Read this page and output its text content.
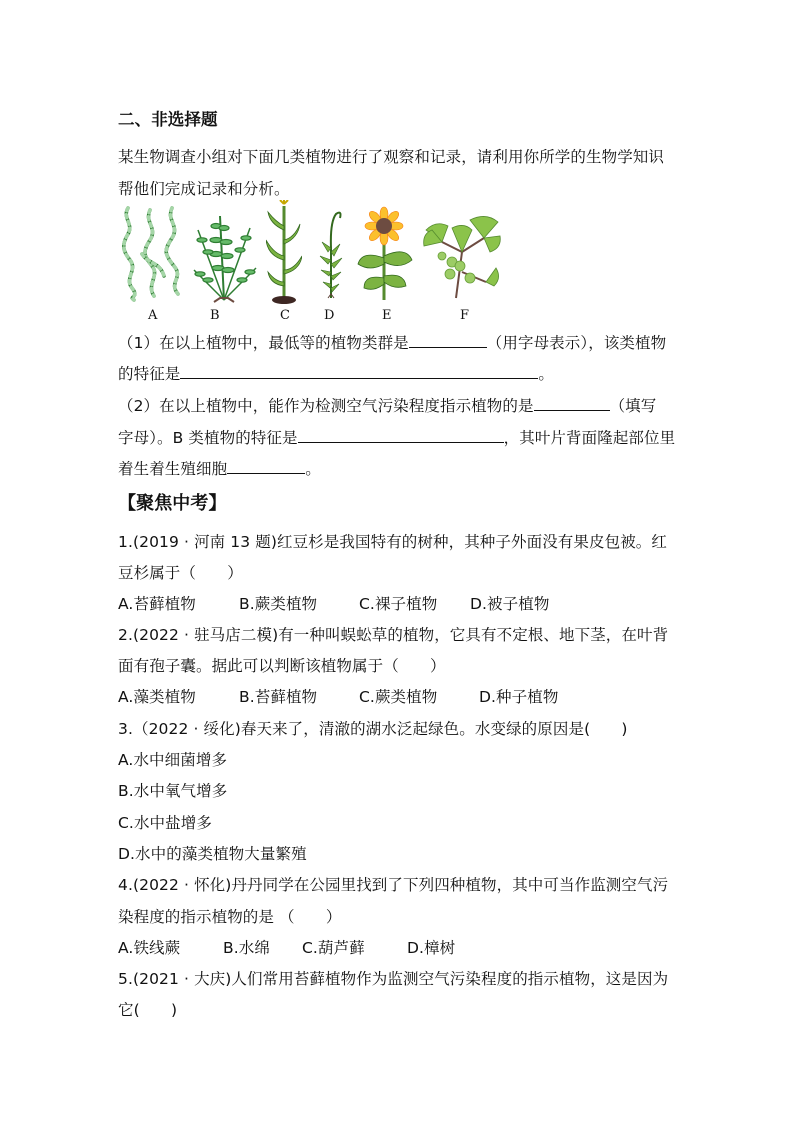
二、非选择题
某生物调查小组对下面几类植物进行了观察和记录，请利用你所学的生物学知识
帮他们完成记录和分析。
A	B	C	D	E	F
（1）在以上植物中，最低等的植物类群是	（用字母表示），该类植物
的特征是	。
（2）在以上植物中，能作为检测空气污染程度指示植物的是	（填写
字母）。B 类植物的特征是	，其叶片背面隆起部位里
着生着生殖细胞	。
【聚焦中考】
1.(2019 · 河南 13 题)红豆杉是我国特有的树种，其种子外面没有果皮包被。红
豆杉属于（　　）
A.苔藓植物	B.蕨类植物	C.裸子植物 D.被子植物
2.(2022 · 驻马店二模)有一种叫蜈蚣草的植物，它具有不定根、地下茎，在叶背
面有孢子囊。据此可以判断该植物属于（　　）
A.藻类植物	B.苔藓植物	C.蕨类植物	D.种子植物
3.（2022 · 绥化)春天来了，清澈的湖水泛起绿色。水变绿的原因是(　　)
A.水中细菌增多
B.水中氧气增多
C.水中盐增多
D.水中的藻类植物大量繁殖
4.(2022 · 怀化)丹丹同学在公园里找到了下列四种植物，其中可当作监测空气污
染程度的指示植物的是 （　　）
A.铁线蕨	B.水绵 C.葫芦藓	D.樟树
5.(2021 · 大庆)人们常用苔藓植物作为监测空气污染程度的指示植物，这是因为
它(　　)
